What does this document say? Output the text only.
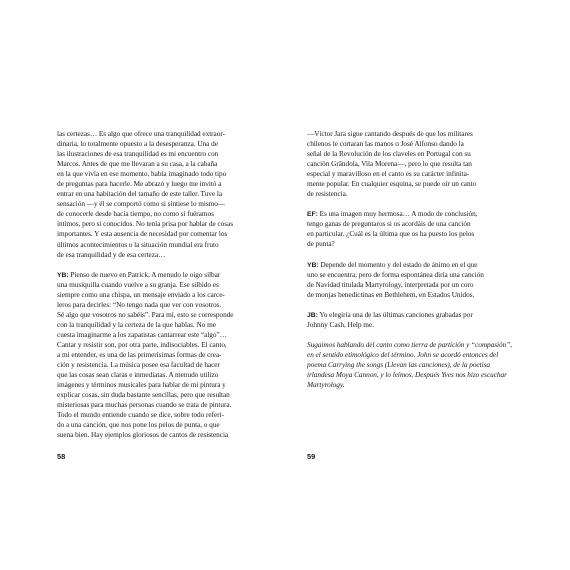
las certezas… Es algo que ofrece una tranquilidad extraor-
dinaria, lo totalmente opuesto a la desesperanza. Una de
las ilustraciones de esa tranquilidad es mi encuentro con
Marcos. Antes de que me llevaran a su casa, a la cabaña
en la que vivía en ese momento, había imaginado todo tipo
de preguntas para hacerle. Me abrazó y luego me invitó a
entrar en una habitación del tamaño de este taller. Tuve la
sensación —y él se comportó como si sintiese lo mismo—
de conocerle desde hacía tiempo, no como si fuéramos
íntimos, pero sí conocidos. No tenía prisa por hablar de cosas
importantes. Y esta ausencia de necesidad por comentar los
últimos acontecimientos o la situación mundial era fruto
de esa tranquilidad y de esa certeza…
YB: Pienso de nuevo en Patrick. A menudo le oigo silbar
una musiquilla cuando vuelve a su granja. Ese silbido es
siempre como una chispa, un mensaje enviado a los carce-
leros para decirles: “No tengo nada que ver con vosotros.
Sé algo que vosotros no sabéis”. Para mí, esto se corresponde
con la tranquilidad y la certeza de la que hablas. No me
cuesta imaginarme a los zapatistas cantarrear este “algo”…
Cantar y resistir son, por otra parte, indisociables. El canto,
a mi entender, es una de las primerísimas formas de crea-
ción y resistencia. La música posee esa facultad de hacer
que las cosas sean claras e inmediatas. A menudo utilizo
imágenes y términos musicales para hablar de mi pintura y
explicar cosas, sin duda bastante sencillas, pero que resultan
misteriosas para muchas personas cuando se trata de pintura.
Todo el mundo entiende cuando se dice, sobre todo referi-
do a una canción, que nos pone los pelos de punta, o que
suena bien. Hay ejemplos gloriosos de cantos de resistencia
58
—Víctor Jara sigue cantando después de que los militares
chilenos le cortaran las manos o José Alfonso dando la
señal de la Revolución de los claveles en Portugal con su
canción Grândola, Vila Morena—, pero lo que resulta tan
especial y maravilloso en el canto es su carácter infinita-
mente popular. En cualquier esquina, se puede oír un canto
de resistencia.
EF: Es una imagen muy hermosa… A modo de conclusión,
tengo ganas de preguntaros si os acordáis de una canción
en particular. ¿Cuál es la última que os ha puesto los pelos
de punta?
YB: Depende del momento y del estado de ánimo en el que
uno se encuentra, pero de forma espontánea diría una canción
de Navidad titulada Martyrology, interpretada por un coro
de monjas benedictinas en Bethlehem, en Estados Unidos.
JB: Yo elegiría una de las últimas canciones grabadas por
Johnny Cash, Help me.
Sugaimos hablando del canto como tierra de partición y “compasión”,
en el sentido etimológico del término. John se acordó entonces del
poema Carrying the songs (Llevan las canciones), de la poetisa
irlandesa Moya Cannon, y lo leímos. Después Yves nos hizo escuchar
Martyrology.
59
